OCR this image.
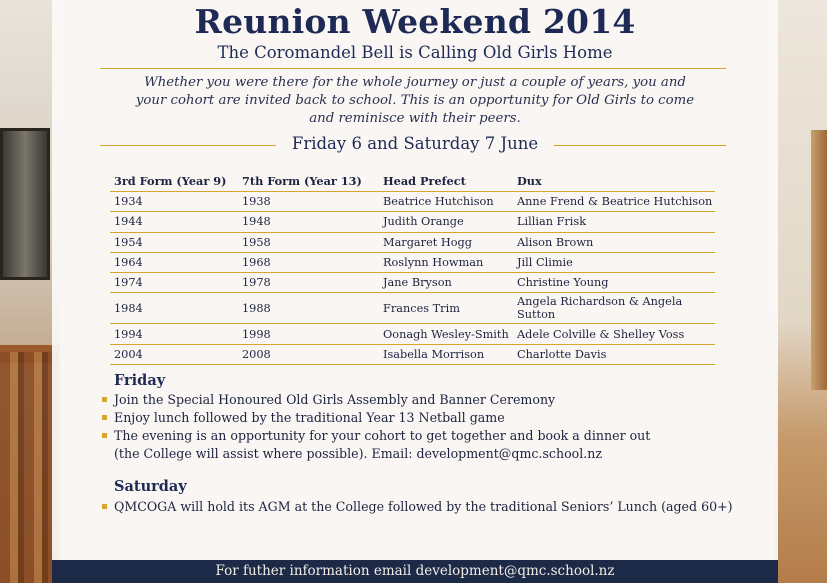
Reunion Weekend 2014
The Coromandel Bell is Calling Old Girls Home
Whether you were there for the whole journey or just a couple of years, you and
your cohort are invited back to school. This is an opportunity for Old Girls to come
and reminisce with their peers.
Friday 6 and Saturday 7 June
3rd Form (Year 9)	7th Form (Year 13)	Head Prefect	Dux
1934	1938	Beatrice Hutchison	Anne Frend & Beatrice Hutchison
1944	1948	Judith Orange	Lillian Frisk
1954	1958	Margaret Hogg	Alison Brown
1964	1968	Roslynn Howman	Jill Climie
1974	1978	Jane Bryson	Christine Young
1984	1988	Frances Trim	Angela Richardson & Angela Sutton
1994	1998	Oonagh Wesley-Smith	Adele Colville & Shelley Voss
2004	2008	Isabella Morrison	Charlotte Davis
Friday
Join the Special Honoured Old Girls Assembly and Banner Ceremony
Enjoy lunch followed by the traditional Year 13 Netball game
The evening is an opportunity for your cohort to get together and book a dinner out
(the College will assist where possible). Email: development@qmc.school.nz
Saturday
QMCOGA will hold its AGM at the College followed by the traditional Seniors’ Lunch (aged 60+)
For futher information email development@qmc.school.nz
